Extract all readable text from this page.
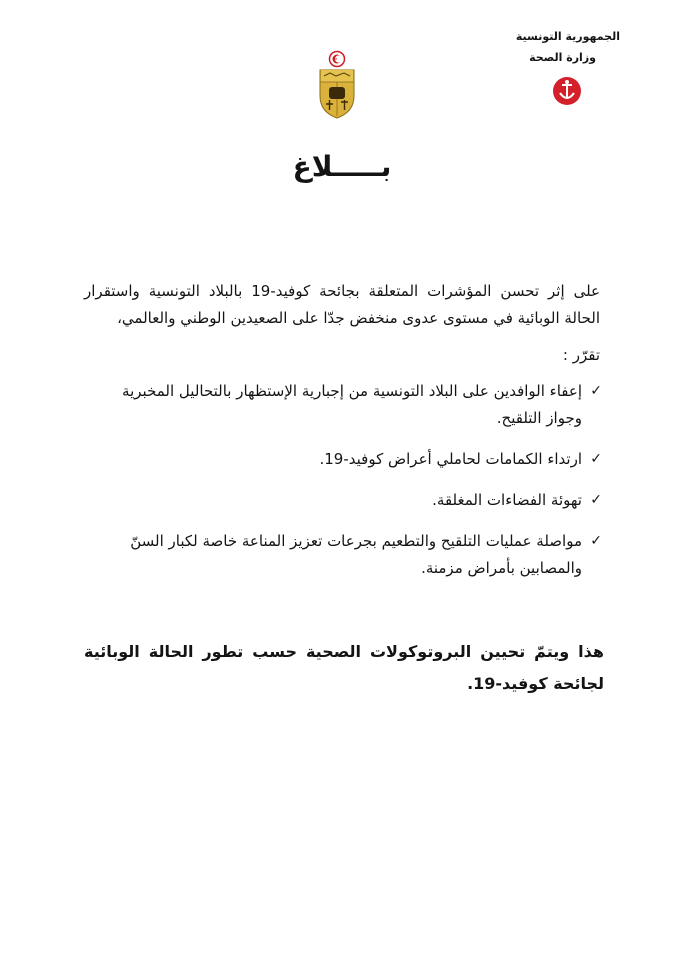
الجمهورية التونسية
وزارة الصحة
بـــــلاغ
على إثر تحسن المؤشرات المتعلقة بجائحة كوفيد-19 بالبلاد التونسية واستقرار الحالة الوبائية في مستوى عدوى منخفض جدّا على الصعيدين الوطني والعالمي،
تقرّر :
✓
إعفاء الوافدين على البلاد التونسية من إجبارية الإستظهار بالتحاليل المخبرية وجواز التلقيح.
✓
ارتداء الكمامات لحاملي أعراض كوفيد-19.
✓
تهوئة الفضاءات المغلقة.
✓
مواصلة عمليات التلقيح والتطعيم بجرعات تعزيز المناعة خاصة لكبار السنّ والمصابين بأمراض مزمنة.
هذا ويتمّ تحيين البروتوكولات الصحية حسب تطور الحالة الوبائية لجائحة كوفيد-19.
